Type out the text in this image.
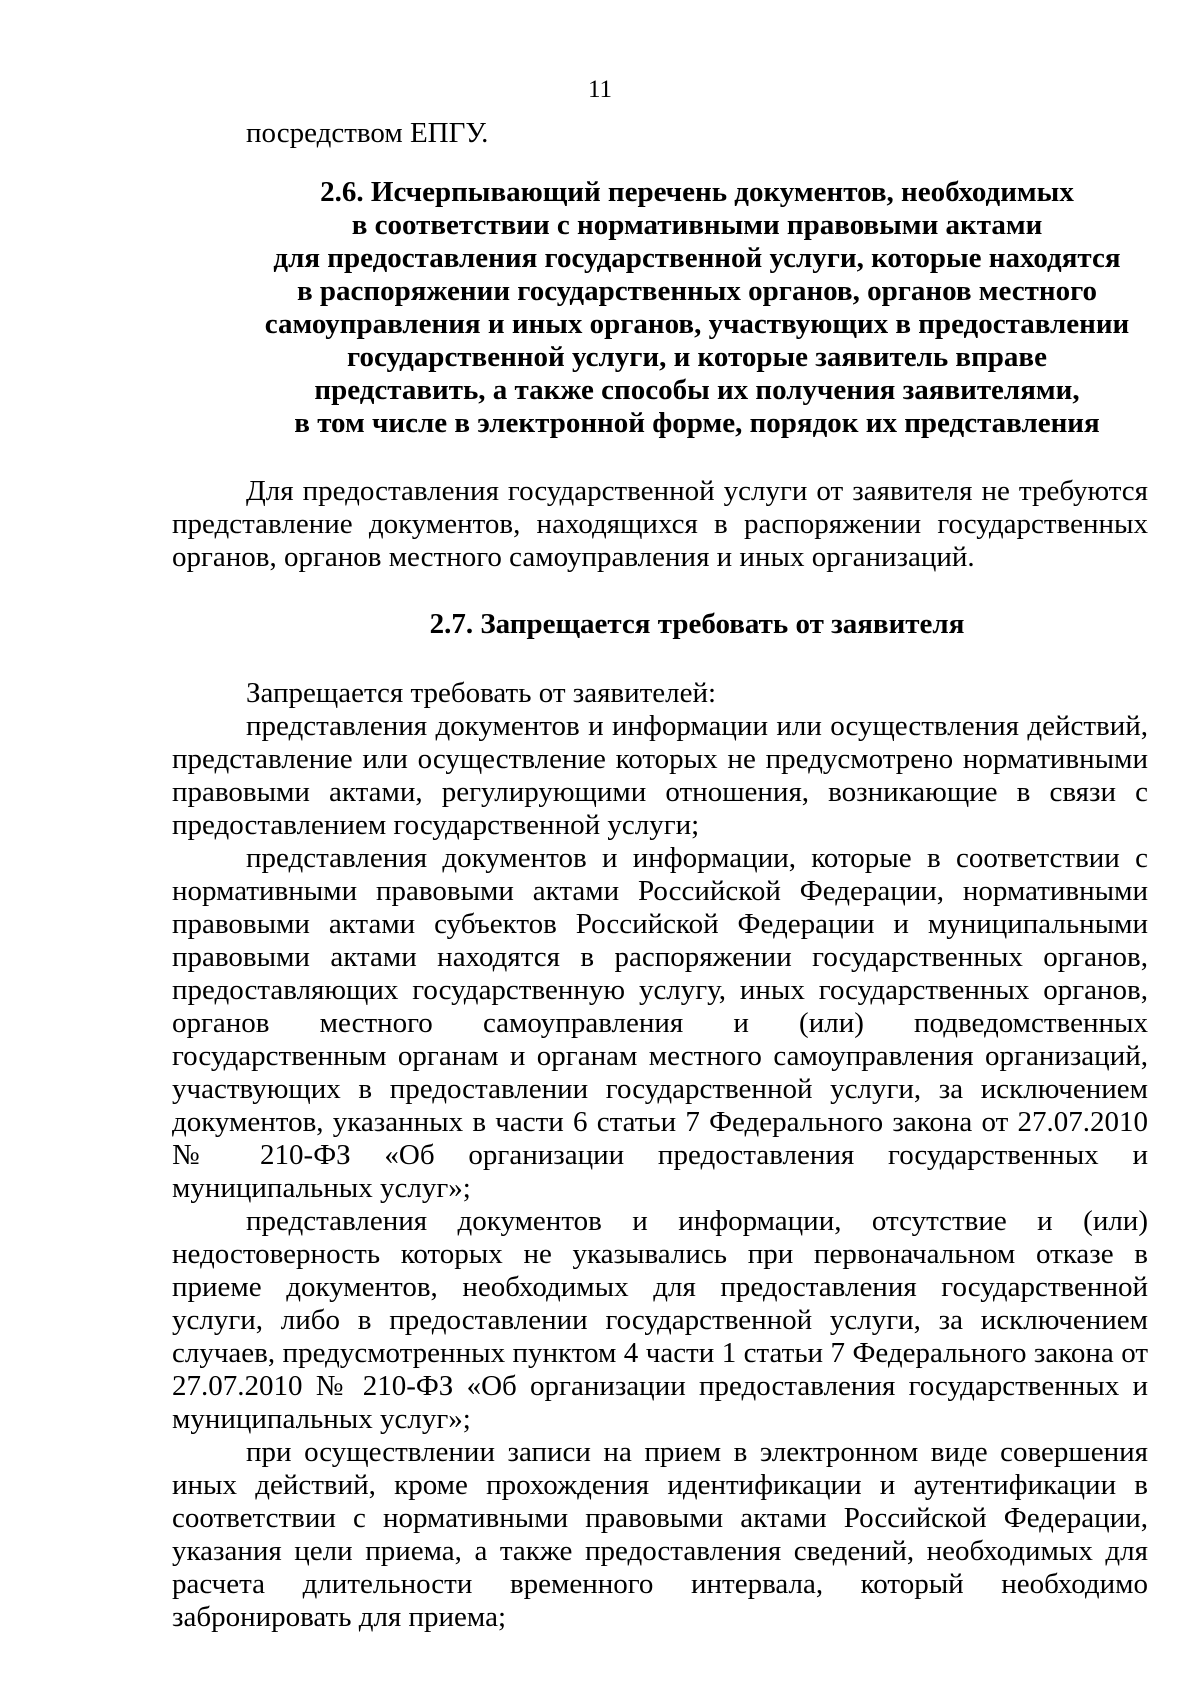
11

посредством ЕПГУ.

2.6. Исчерпывающий перечень документов, необходимых
в соответствии с нормативными правовыми актами
для предоставления государственной услуги, которые находятся
в распоряжении государственных органов, органов местного
самоуправления и иных органов, участвующих в предоставлении
государственной услуги, и которые заявитель вправе
представить, а также способы их получения заявителями,
в том числе в электронной форме, порядок их представления

Для предоставления государственной услуги от заявителя не требуются представление документов, находящихся в распоряжении государственных органов, органов местного самоуправления и иных организаций.

2.7. Запрещается требовать от заявителя

Запрещается требовать от заявителей:

представления документов и информации или осуществления действий, представление или осуществление которых не предусмотрено нормативными правовыми актами, регулирующими отношения, возникающие в связи с предоставлением государственной услуги;

представления документов и информации, которые в соответствии с нормативными правовыми актами Российской Федерации, нормативными правовыми актами субъектов Российской Федерации и муниципальными правовыми актами находятся в распоряжении государственных органов, предоставляющих государственную услугу, иных государственных органов, органов местного самоуправления и (или) подведомственных государственным органам и органам местного самоуправления организаций, участвующих в предоставлении государственной услуги, за исключением документов, указанных в части 6 статьи 7 Федерального закона от 27.07.2010 № 210-ФЗ «Об организации предоставления государственных и муниципальных услуг»;

представления документов и информации, отсутствие и (или) недостоверность которых не указывались при первоначальном отказе в приеме документов, необходимых для предоставления государственной услуги, либо в предоставлении государственной услуги, за исключением случаев, предусмотренных пунктом 4 части 1 статьи 7 Федерального закона от 27.07.2010 № 210-ФЗ «Об организации предоставления государственных и муниципальных услуг»;

при осуществлении записи на прием в электронном виде совершения иных действий, кроме прохождения идентификации и аутентификации в соответствии с нормативными правовыми актами Российской Федерации, указания цели приема, а также предоставления сведений, необходимых для расчета длительности временного интервала, который необходимо забронировать для приема;
